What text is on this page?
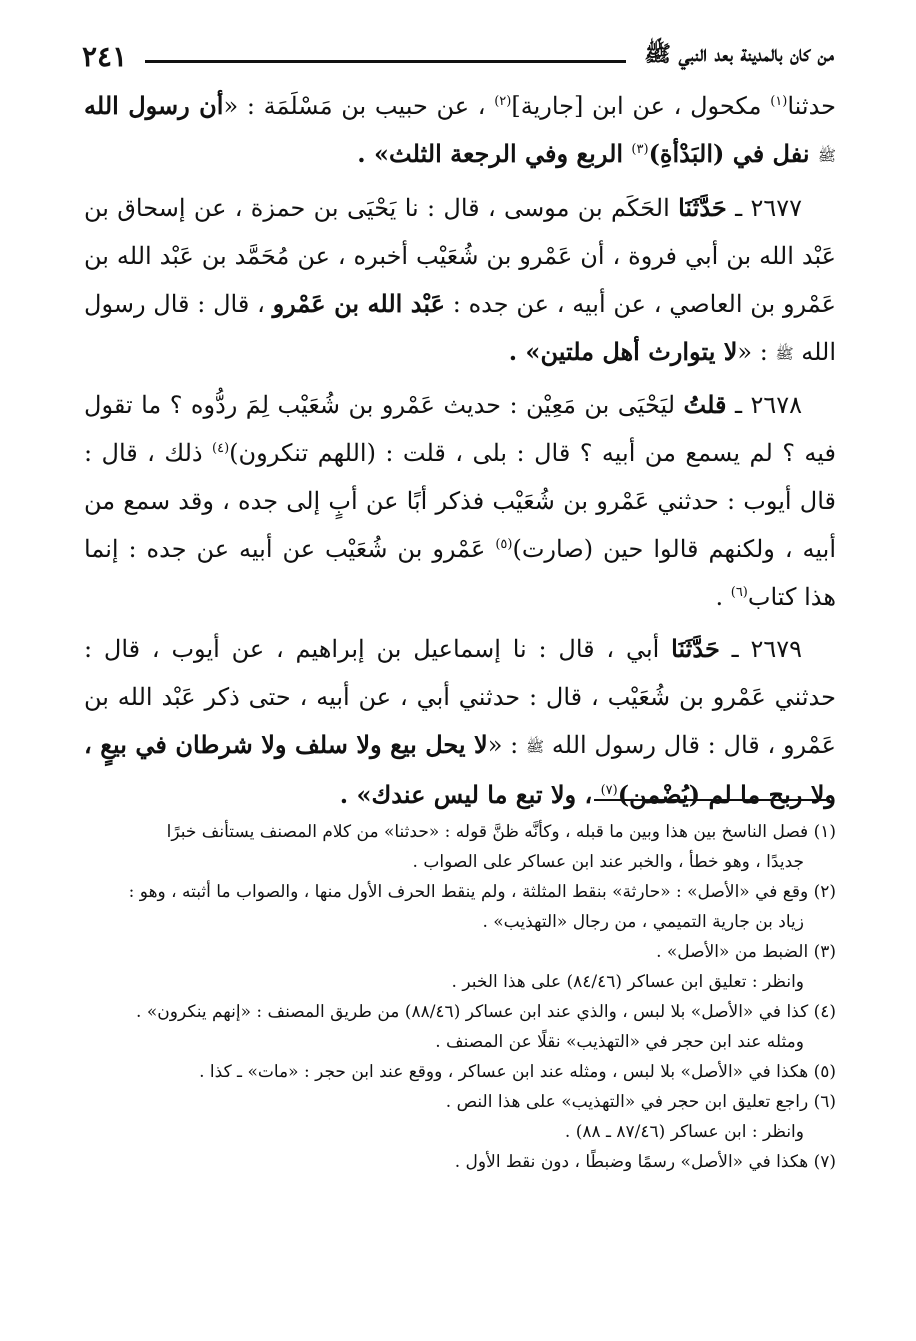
من كان بالمدينة بعد النبي ﷺ
٢٤١

حدثنا$^{(١)}$ مكحول ، عن ابن [جارية]$^{(٢)}$ ، عن حبيب بن مَسْلَمَة : «أن رسول الله ﷺ نفل في (البَدْأةِ)$^{(٣)}$ الربع وفي الرجعة الثلث» .

٢٦٧٧ ـ حَدَّثَنَا الحَكَم بن موسى ، قال : نا يَحْيَى بن حمزة ، عن إسحاق بن عَبْد الله بن أبي فروة ، أن عَمْرو بن شُعَيْب أخبره ، عن مُحَمَّد بن عَبْد الله بن عَمْرو بن العاصي ، عن أبيه ، عن جده : عَبْد الله بن عَمْرو ، قال : قال رسول الله ﷺ : «لا يتوارث أهل ملتين» .

٢٦٧٨ ـ قلتُ ليَحْيَى بن مَعِيْن : حديث عَمْرو بن شُعَيْب لِمَ ردُّوه ؟ ما تقول فيه ؟ لم يسمع من أبيه ؟ قال : بلى ، قلت : (اللهم تنكرون)$^{(٤)}$ ذلك ، قال : قال أيوب : حدثني عَمْرو بن شُعَيْب فذكر أبًا عن أبٍ إلى جده ، وقد سمع من أبيه ، ولكنهم قالوا حين (صارت)$^{(٥)}$ عَمْرو بن شُعَيْب عن أبيه عن جده : إنما هذا كتاب$^{(٦)}$ .

٢٦٧٩ ـ حَدَّثَنَا أبي ، قال : نا إسماعيل بن إبراهيم ، عن أيوب ، قال : حدثني عَمْرو بن شُعَيْب ، قال : حدثني أبي ، عن أبيه ، حتى ذكر عَبْد الله بن عَمْرو ، قال : قال رسول الله ﷺ : «لا يحل بيع ولا سلف ولا شرطان في بيعٍ ، ولا ربح ما لم (يُضْمن)$^{(٧)}$ ، ولا تبع ما ليس عندك» .

(١) فصل الناسخ بين هذا وبين ما قبله ، وكأنَّه ظنَّ قوله : «حدثنا» من كلام المصنف يستأنف خبرًا

جديدًا ، وهو خطأ ، والخبر عند ابن عساكر على الصواب .

(٢) وقع في «الأصل» : «حارثة» بنقط المثلثة ، ولم ينقط الحرف الأول منها ، والصواب ما أثبته ، وهو :

زياد بن جارية التميمي ، من رجال «التهذيب» .

(٣) الضبط من «الأصل» .

وانظر : تعليق ابن عساكر (٨٤/٤٦) على هذا الخبر .

(٤) كذا في «الأصل» بلا لبس ، والذي عند ابن عساكر (٨٨/٤٦) من طريق المصنف : «إنهم ينكرون» .

ومثله عند ابن حجر في «التهذيب» نقلًا عن المصنف .

(٥) هكذا في «الأصل» بلا لبس ، ومثله عند ابن عساكر ، ووقع عند ابن حجر : «مات» ـ كذا .

(٦) راجع تعليق ابن حجر في «التهذيب» على هذا النص .

وانظر : ابن عساكر (٨٧/٤٦ ـ ٨٨) .

(٧) هكذا في «الأصل» رسمًا وضبطًا ، دون نقط الأول .
